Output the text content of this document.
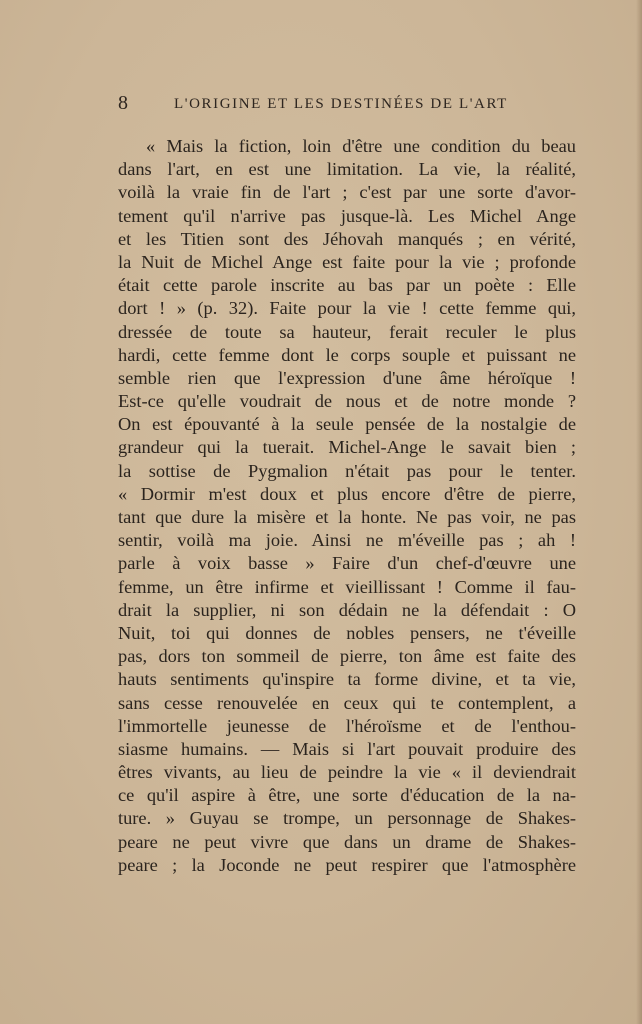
8	L'ORIGINE ET LES DESTINÉES DE L'ART
« Mais la fiction, loin d'être une condition du beau
dans l'art, en est une limitation. La vie, la réalité,
voilà la vraie fin de l'art ; c'est par une sorte d'avor-
tement qu'il n'arrive pas jusque-là. Les Michel Ange
et les Titien sont des Jéhovah manqués ; en vérité,
la Nuit de Michel Ange est faite pour la vie ; profonde
était cette parole inscrite au bas par un poète : Elle
dort ! » (p. 32). Faite pour la vie ! cette femme qui,
dressée de toute sa hauteur, ferait reculer le plus
hardi, cette femme dont le corps souple et puissant ne
semble rien que l'expression d'une âme héroïque !
Est-ce qu'elle voudrait de nous et de notre monde ?
On est épouvanté à la seule pensée de la nostalgie de
grandeur qui la tuerait. Michel-Ange le savait bien ;
la sottise de Pygmalion n'était pas pour le tenter.
« Dormir m'est doux et plus encore d'être de pierre,
tant que dure la misère et la honte. Ne pas voir, ne pas
sentir, voilà ma joie. Ainsi ne m'éveille pas ; ah !
parle à voix basse » Faire d'un chef-d'œuvre une
femme, un être infirme et vieillissant ! Comme il fau-
drait la supplier, ni son dédain ne la défendait : O
Nuit, toi qui donnes de nobles pensers, ne t'éveille
pas, dors ton sommeil de pierre, ton âme est faite des
hauts sentiments qu'inspire ta forme divine, et ta vie,
sans cesse renouvelée en ceux qui te contemplent, a
l'immortelle jeunesse de l'héroïsme et de l'enthou-
siasme humains. — Mais si l'art pouvait produire des
êtres vivants, au lieu de peindre la vie « il deviendrait
ce qu'il aspire à être, une sorte d'éducation de la na-
ture. » Guyau se trompe, un personnage de Shakes-
peare ne peut vivre que dans un drame de Shakes-
peare ; la Joconde ne peut respirer que l'atmosphère
